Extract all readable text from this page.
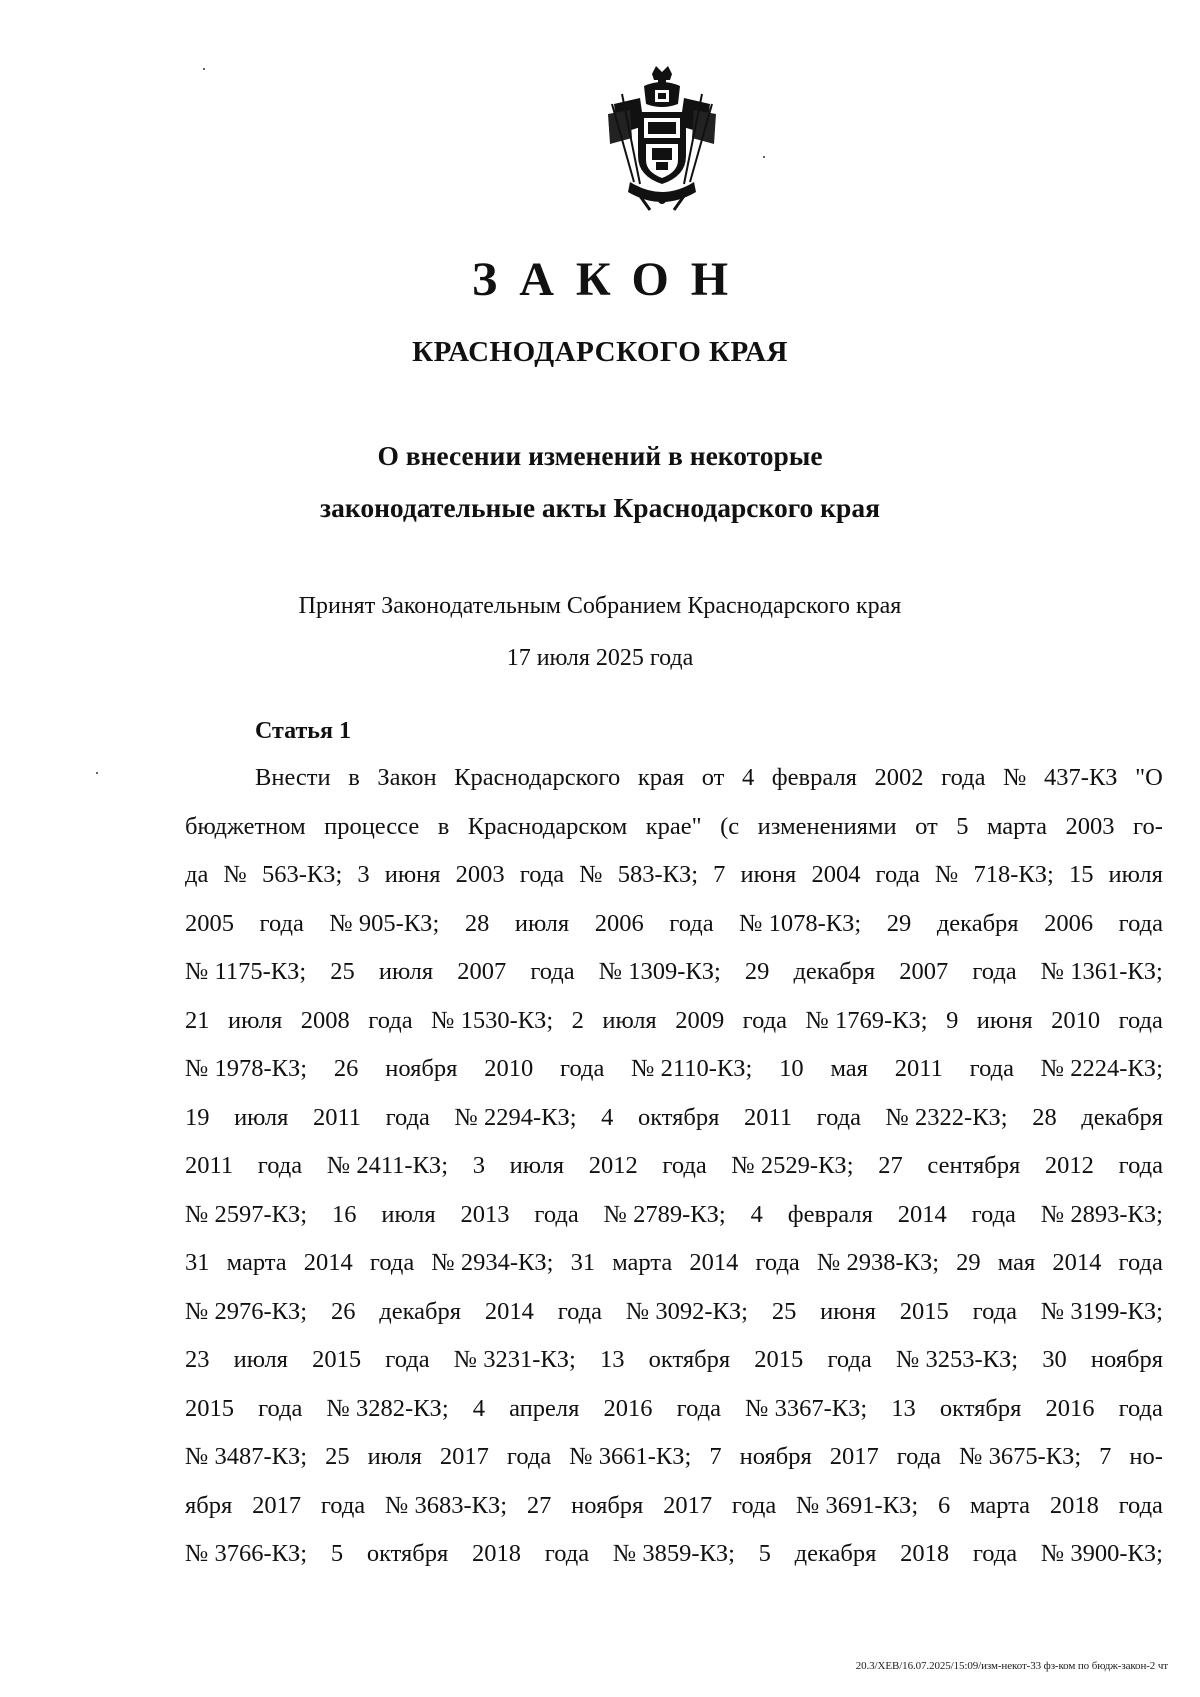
ЗАКОН
КРАСНОДАРСКОГО КРАЯ
О внесении изменений в некоторые
законодательные акты Краснодарского края
Принят Законодательным Собранием Краснодарского края
17 июля 2025 года
Статья 1
Внести в Закон Краснодарского края от 4 февраля 2002 года № 437-КЗ "О
бюджетном процессе в Краснодарском крае" (с изменениями от 5 марта 2003 го-
да № 563-КЗ; 3 июня 2003 года № 583-КЗ; 7 июня 2004 года № 718-КЗ; 15 июля
2005 года № 905-КЗ; 28 июля 2006 года № 1078-КЗ; 29 декабря 2006 года
№ 1175-КЗ; 25 июля 2007 года № 1309-КЗ; 29 декабря 2007 года № 1361-КЗ;
21 июля 2008 года № 1530-КЗ; 2 июля 2009 года № 1769-КЗ; 9 июня 2010 года
№ 1978-КЗ; 26 ноября 2010 года № 2110-КЗ; 10 мая 2011 года № 2224-КЗ;
19 июля 2011 года № 2294-КЗ; 4 октября 2011 года № 2322-КЗ; 28 декабря
2011 года № 2411-КЗ; 3 июля 2012 года № 2529-КЗ; 27 сентября 2012 года
№ 2597-КЗ; 16 июля 2013 года № 2789-КЗ; 4 февраля 2014 года № 2893-КЗ;
31 марта 2014 года № 2934-КЗ; 31 марта 2014 года № 2938-КЗ; 29 мая 2014 года
№ 2976-КЗ; 26 декабря 2014 года № 3092-КЗ; 25 июня 2015 года № 3199-КЗ;
23 июля 2015 года № 3231-КЗ; 13 октября 2015 года № 3253-КЗ; 30 ноября
2015 года № 3282-КЗ; 4 апреля 2016 года № 3367-КЗ; 13 октября 2016 года
№ 3487-КЗ; 25 июля 2017 года № 3661-КЗ; 7 ноября 2017 года № 3675-КЗ; 7 но-
ября 2017 года № 3683-КЗ; 27 ноября 2017 года № 3691-КЗ; 6 марта 2018 года
№ 3766-КЗ; 5 октября 2018 года № 3859-КЗ; 5 декабря 2018 года № 3900-КЗ;
20.3/ХЕВ/16.07.2025/15:09/изм-некот-33 фз-ком по бюдж-закон-2 чт
